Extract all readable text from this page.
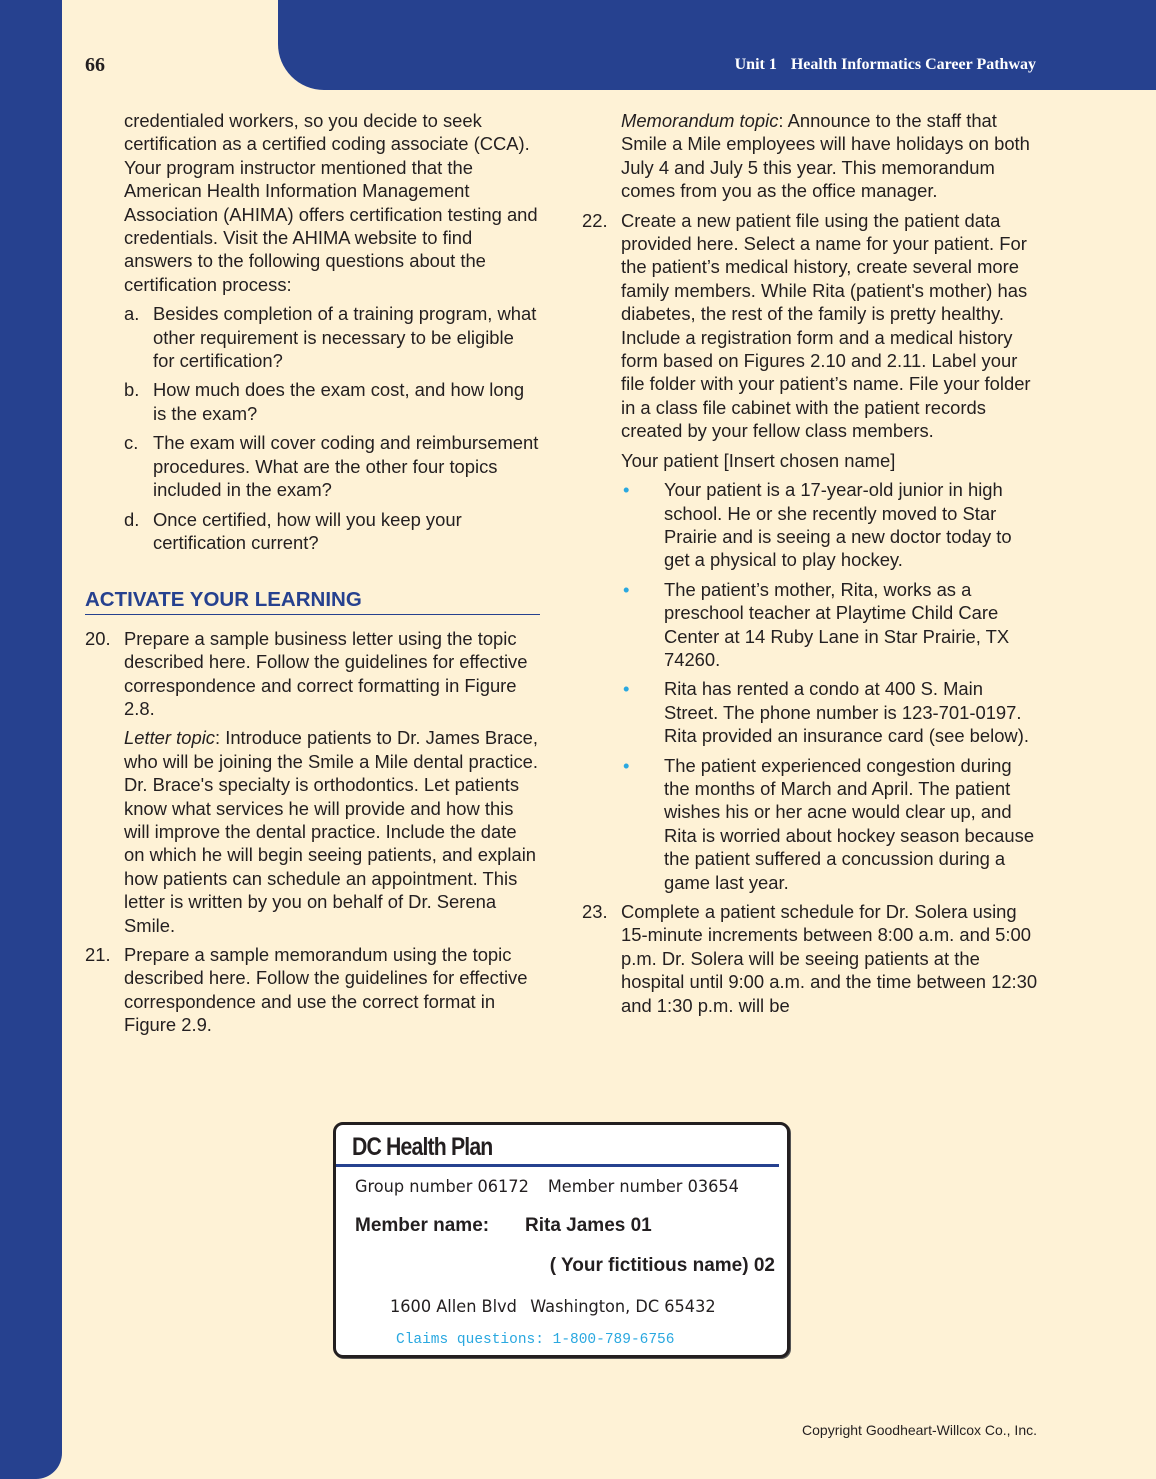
66	Unit 1 Health Informatics Career Pathway

credentialed workers, so you decide to seek certification as a certified coding associate (CCA). Your program instructor mentioned that the American Health Information Management Association (AHIMA) offers certification testing and credentials. Visit the AHIMA website to find answers to the following questions about the certification process:

a. Besides completion of a training program, what other requirement is necessary to be eligible for certification?
b. How much does the exam cost, and how long is the exam?
c. The exam will cover coding and reimbursement procedures. What are the other four topics included in the exam?
d. Once certified, how will you keep your certification current?
ACTIVATE YOUR LEARNING
20. Prepare a sample business letter using the topic described here. Follow the guidelines for effective correspondence and correct formatting in Figure 2.8.

Letter topic: Introduce patients to Dr. James Brace, who will be joining the Smile a Mile dental practice. Dr. Brace's specialty is orthodontics. Let patients know what services he will provide and how this will improve the dental practice. Include the date on which he will begin seeing patients, and explain how patients can schedule an appointment. This letter is written by you on behalf of Dr. Serena Smile.

21. Prepare a sample memorandum using the topic described here. Follow the guidelines for effective correspondence and use the correct format in Figure 2.9.

Memorandum topic: Announce to the staff that Smile a Mile employees will have holidays on both July 4 and July 5 this year. This memorandum comes from you as the office manager.

22. Create a new patient file using the patient data provided here. Select a name for your patient. For the patient’s medical history, create several more family members. While Rita (patient's mother) has diabetes, the rest of the family is pretty healthy. Include a registration form and a medical history form based on Figures 2.10 and 2.11. Label your file folder with your patient’s name. File your folder in a class file cabinet with the patient records created by your fellow class members.

Your patient [Insert chosen name]

•	Your patient is a 17-year-old junior in high school. He or she recently moved to Star Prairie and is seeing a new doctor today to get a physical to play hockey.
•	The patient’s mother, Rita, works as a preschool teacher at Playtime Child Care Center at 14 Ruby Lane in Star Prairie, TX 74260.
•	Rita has rented a condo at 400 S. Main Street. The phone number is 123-701-0197. Rita provided an insurance card (see below).
•	The patient experienced congestion during the months of March and April. The patient wishes his or her acne would clear up, and Rita is worried about hockey season because the patient suffered a concussion during a game last year.
23. Complete a patient schedule for Dr. Solera using 15-minute increments between 8:00 a.m. and 5:00 p.m. Dr. Solera will be seeing patients at the hospital until 9:00 a.m. and the time between 12:30 and 1:30 p.m. will be
DC Health Plan
Group number 06172 Member number 03654
Member name: Rita James 01
( Your fictitious name) 02
1600 Allen Blvd Washington, DC 65432
Claims questions: 1-800-789-6756
Copyright Goodheart-Willcox Co., Inc.
